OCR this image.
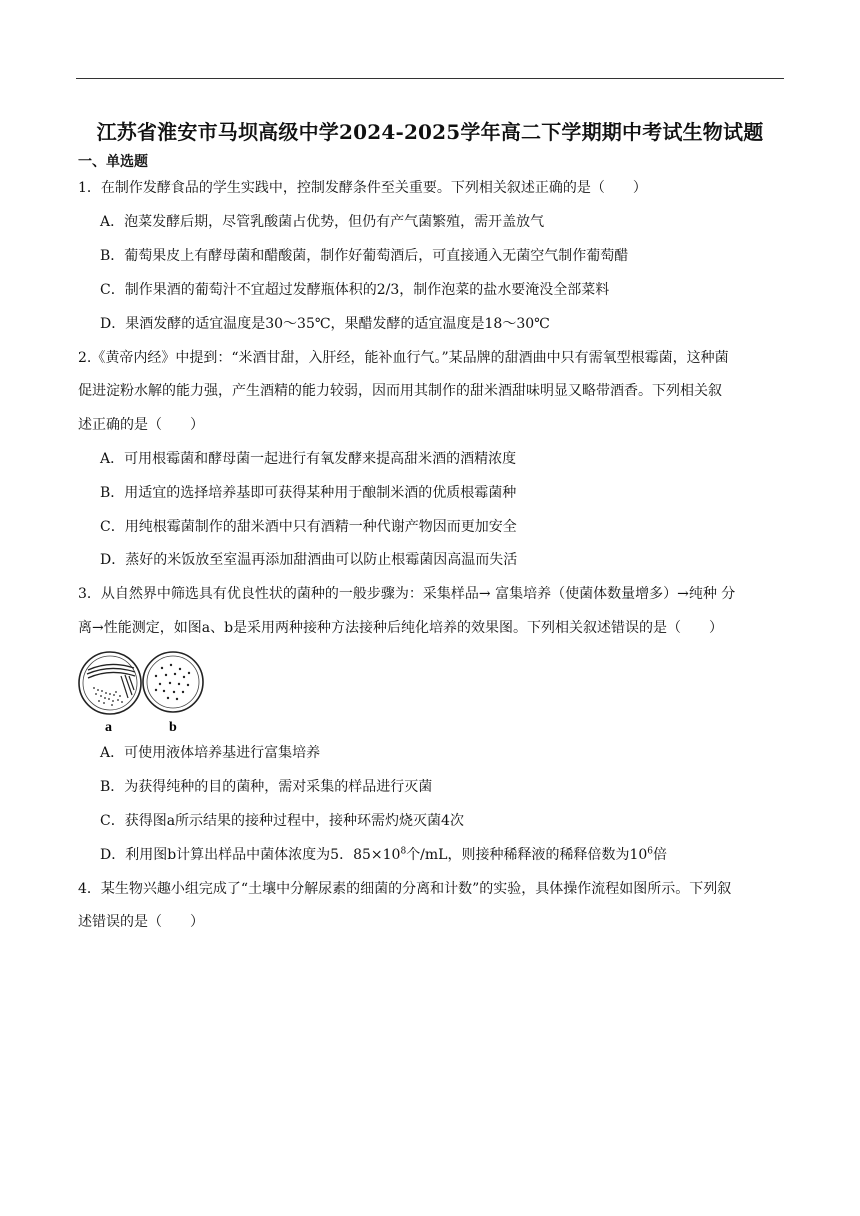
江苏省淮安市马坝高级中学2024-2025学年高二下学期期中考试生物试题
一、单选题
1．在制作发酵食品的学生实践中，控制发酵条件至关重要。下列相关叙述正确的是（　　）
A．泡菜发酵后期，尽管乳酸菌占优势，但仍有产气菌繁殖，需开盖放气
B．葡萄果皮上有酵母菌和醋酸菌，制作好葡萄酒后，可直接通入无菌空气制作葡萄醋
C．制作果酒的葡萄汁不宜超过发酵瓶体积的2/3，制作泡菜的盐水要淹没全部菜料
D．果酒发酵的适宜温度是30～35℃，果醋发酵的适宜温度是18～30℃
2.《黄帝内经》中提到：“米酒甘甜，入肝经，能补血行气。”某品牌的甜酒曲中只有需氧型根霉菌，这种菌
促进淀粉水解的能力强，产生酒精的能力较弱，因而用其制作的甜米酒甜味明显又略带酒香。下列相关叙
述正确的是（　　）
A．可用根霉菌和酵母菌一起进行有氧发酵来提高甜米酒的酒精浓度
B．用适宜的选择培养基即可获得某种用于酿制米酒的优质根霉菌种
C．用纯根霉菌制作的甜米酒中只有酒精一种代谢产物因而更加安全
D．蒸好的米饭放至室温再添加甜酒曲可以防止根霉菌因高温而失活
3．从自然界中筛选具有优良性状的菌种的一般步骤为：采集样品→ 富集培养（使菌体数量增多）→纯种 分
离→性能测定，如图a、b是采用两种接种方法接种后纯化培养的效果图。下列相关叙述错误的是（　　）
a	b
A．可使用液体培养基进行富集培养
B．为获得纯种的目的菌种，需对采集的样品进行灭菌
C．获得图a所示结果的接种过程中，接种环需灼烧灭菌4次
D．利用图b计算出样品中菌体浓度为5．$85\times 10^8$个/mL，则接种稀释液的稀释倍数为$10^6$倍
4．某生物兴趣小组完成了“土壤中分解尿素的细菌的分离和计数”的实验，具体操作流程如图所示。下列叙
述错误的是（　　）
